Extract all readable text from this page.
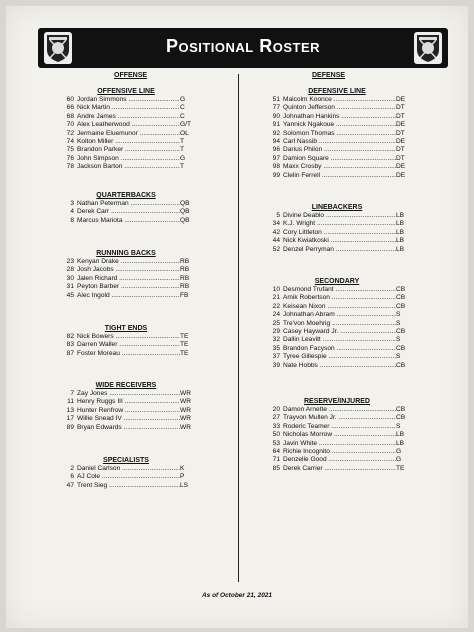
Positional Roster
OFFENSE	DEFENSE
OFFENSIVE LINE
60 Jordan Simmons .....	G
66 Nick Martin .....	C
68 Andre James .....	C
70 Alex Leatherwood .....	G/T
72 Jermaine Eluemunor .....	OL
74 Kolton Miller .....	T
75 Brandon Parker .....	T
76 John Simpson .....	G
78 Jackson Barton .....	T
QUARTERBACKS
3 Nathan Peterman .....	QB
4 Derek Carr .....	QB
8 Marcus Mariota .....	QB
RUNNING BACKS
23 Kenyan Drake .....	RB
28 Josh Jacobs .....	RB
30 Jalen Richard .....	RB
31 Peyton Barber .....	RB
45 Alec Ingold .....	FB
TIGHT ENDS
82 Nick Bowers .....	TE
83 Darren Waller .....	TE
87 Foster Moreau .....	TE
WIDE RECEIVERS
7 Zay Jones .....	WR
11 Henry Ruggs III .....	WR
13 Hunter Renfrow .....	WR
17 Willie Snead IV .....	WR
89 Bryan Edwards .....	WR
SPECIALISTS
2 Daniel Carlson .....	K
6 AJ Cole .....	P
47 Trent Sieg .....	LS
DEFENSIVE LINE
51 Malcolm Koonce .....	DE
77 Quinton Jefferson .....	DT
90 Johnathan Hankins .....	DT
91 Yannick Ngakoue .....	DE
92 Solomon Thomas .....	DT
94 Carl Nassib .....	DE
96 Darius Philon .....	DT
97 Damion Square .....	DT
98 Maxx Crosby .....	DE
99 Clelin Ferrell .....	DE
LINEBACKERS
5 Divine Deablo .....	LB
34 K.J. Wright .....	LB
42 Cory Littleton .....	LB
44 Nick Kwiatkoski .....	LB
52 Denzel Perryman .....	LB
SECONDARY
10 Desmond Trufant .....	CB
21 Amik Robertson .....	CB
22 Keisean Nixon .....	CB
24 Johnathan Abram .....	S
25 Tre'von Moehrig .....	S
29 Casey Hayward Jr. .....	CB
32 Dallin Leavitt .....	S
35 Brandon Facyson .....	CB
37 Tyree Gillespie .....	S
39 Nate Hobbs .....	CB
RESERVE/INJURED
20 Damon Arnette .....	CB
27 Trayvon Mullen Jr. .....	CB
33 Roderic Teamer .....	S
50 Nicholas Morrow .....	LB
53 Javin White .....	LB
64 Richie Incognito .....	G
71 Denzelle Good .....	G
85 Derek Carrier .....	TE
As of October 21, 2021
